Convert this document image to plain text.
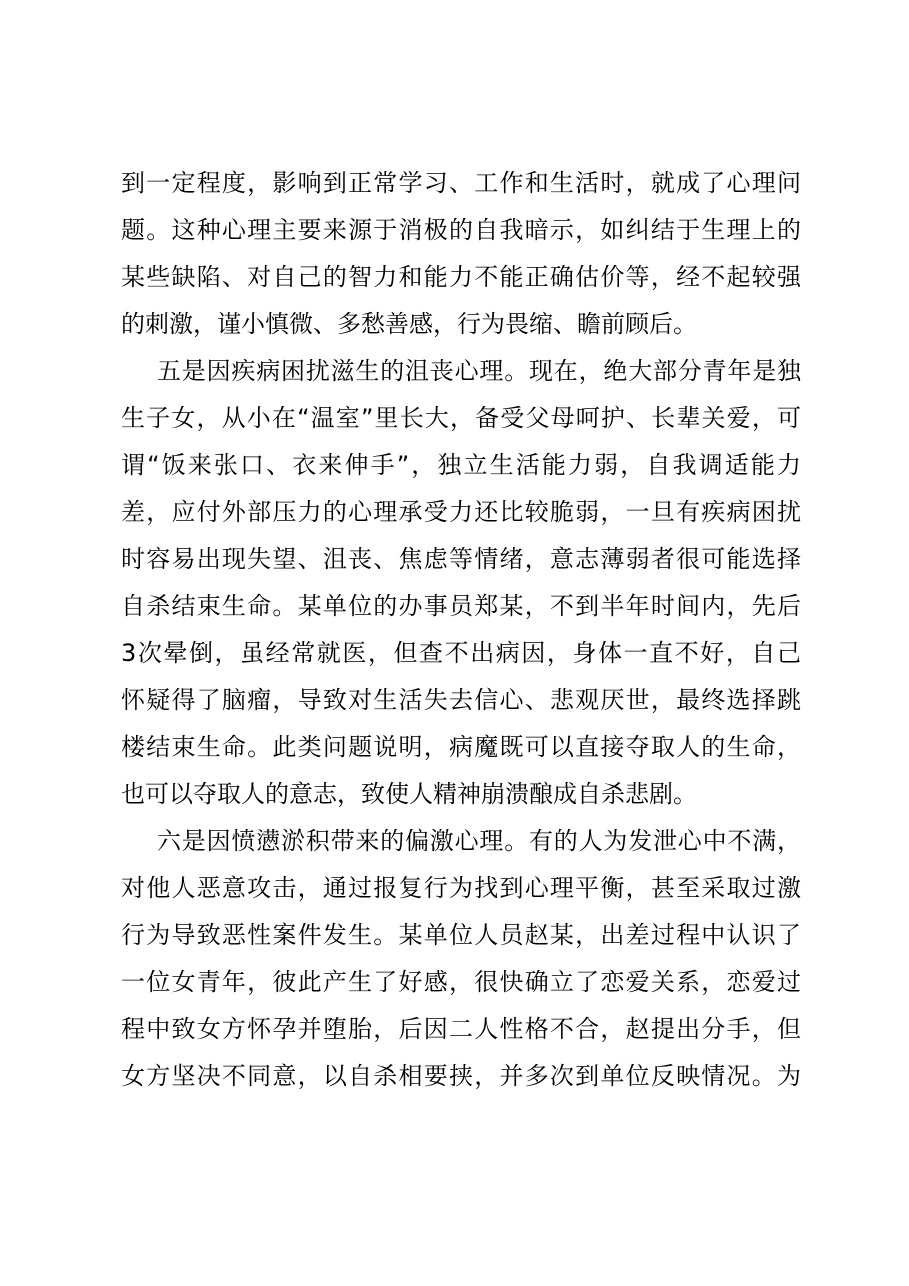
到一定程度，影响到正常学习、工作和生活时，就成了心理问
题。这种心理主要来源于消极的自我暗示，如纠结于生理上的
某些缺陷、对自己的智力和能力不能正确估价等，经不起较强
的刺激，谨小慎微、多愁善感，行为畏缩、瞻前顾后。
五是因疾病困扰滋生的沮丧心理。现在，绝大部分青年是独
生子女，从小在“温室”里长大，备受父母呵护、长辈关爱，可
谓“饭来张口、衣来伸手”，独立生活能力弱，自我调适能力
差，应付外部压力的心理承受力还比较脆弱，一旦有疾病困扰
时容易出现失望、沮丧、焦虑等情绪，意志薄弱者很可能选择
自杀结束生命。某单位的办事员郑某，不到半年时间内，先后
3次晕倒，虽经常就医，但查不出病因，身体一直不好，自己
怀疑得了脑瘤，导致对生活失去信心、悲观厌世，最终选择跳
楼结束生命。此类问题说明，病魔既可以直接夺取人的生命，
也可以夺取人的意志，致使人精神崩溃酿成自杀悲剧。
六是因愤懑淤积带来的偏激心理。有的人为发泄心中不满，
对他人恶意攻击，通过报复行为找到心理平衡，甚至采取过激
行为导致恶性案件发生。某单位人员赵某，出差过程中认识了
一位女青年，彼此产生了好感，很快确立了恋爱关系，恋爱过
程中致女方怀孕并堕胎，后因二人性格不合，赵提出分手，但
女方坚决不同意，以自杀相要挟，并多次到单位反映情况。为
